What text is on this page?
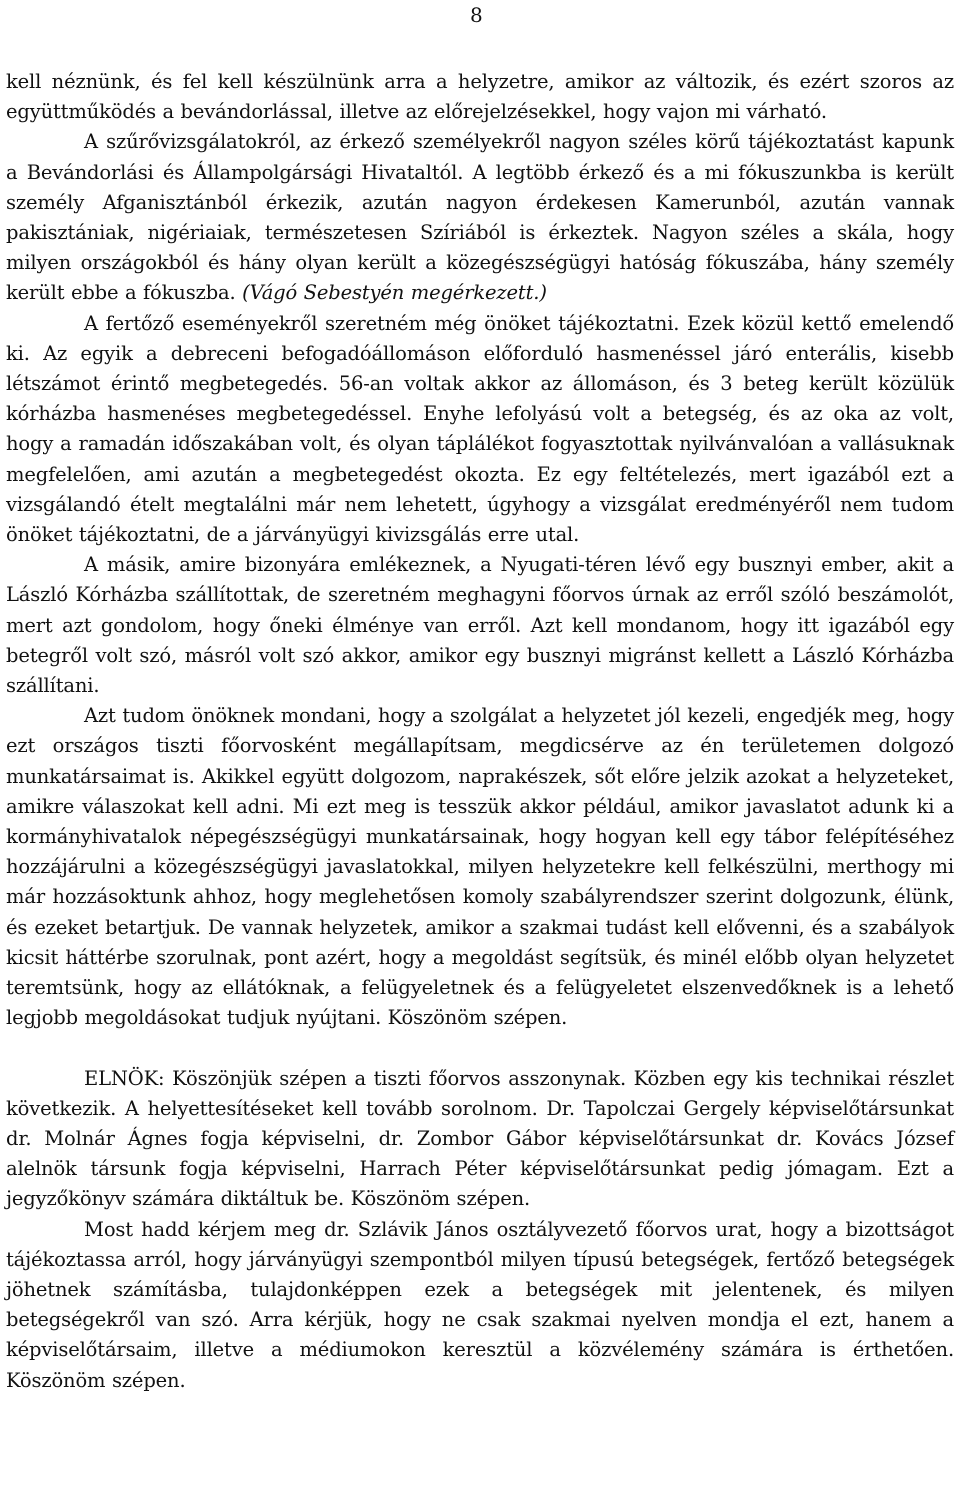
8

kell néznünk, és fel kell készülnünk arra a helyzetre, amikor az változik, és ezért szoros az együttműködés a bevándorlással, illetve az előrejelzésekkel, hogy vajon mi várható.

A szűrővizsgálatokról, az érkező személyekről nagyon széles körű tájékoztatást kapunk a Bevándorlási és Állampolgársági Hivataltól. A legtöbb érkező és a mi fókuszunkba is került személy Afganisztánból érkezik, azután nagyon érdekesen Kamerunból, azután vannak pakisztániak, nigériaiak, természetesen Szíriából is érkeztek. Nagyon széles a skála, hogy milyen országokból és hány olyan került a közegészségügyi hatóság fókuszába, hány személy került ebbe a fókuszba. (Vágó Sebestyén megérkezett.)

A fertőző eseményekről szeretném még önöket tájékoztatni. Ezek közül kettő emelendő ki. Az egyik a debreceni befogadóállomáson előforduló hasmenéssel járó enterális, kisebb létszámot érintő megbetegedés. 56-an voltak akkor az állomáson, és 3 beteg került közülük kórházba hasmenéses megbetegedéssel. Enyhe lefolyású volt a betegség, és az oka az volt, hogy a ramadán időszakában volt, és olyan táplálékot fogyasztottak nyilvánvalóan a vallásuknak megfelelően, ami azután a megbetegedést okozta. Ez egy feltételezés, mert igazából ezt a vizsgálandó ételt megtalálni már nem lehetett, úgyhogy a vizsgálat eredményéről nem tudom önöket tájékoztatni, de a járványügyi kivizsgálás erre utal.

A másik, amire bizonyára emlékeznek, a Nyugati-téren lévő egy busznyi ember, akit a László Kórházba szállítottak, de szeretném meghagyni főorvos úrnak az erről szóló beszámolót, mert azt gondolom, hogy őneki élménye van erről. Azt kell mondanom, hogy itt igazából egy betegről volt szó, másról volt szó akkor, amikor egy busznyi migránst kellett a László Kórházba szállítani.

Azt tudom önöknek mondani, hogy a szolgálat a helyzetet jól kezeli, engedjék meg, hogy ezt országos tiszti főorvosként megállapítsam, megdicsérve az én területemen dolgozó munkatársaimat is. Akikkel együtt dolgozom, naprakészek, sőt előre jelzik azokat a helyzeteket, amikre válaszokat kell adni. Mi ezt meg is tesszük akkor például, amikor javaslatot adunk ki a kormányhivatalok népegészségügyi munkatársainak, hogy hogyan kell egy tábor felépítéséhez hozzájárulni a közegészségügyi javaslatokkal, milyen helyzetekre kell felkészülni, merthogy mi már hozzásoktunk ahhoz, hogy meglehetősen komoly szabályrendszer szerint dolgozunk, élünk, és ezeket betartjuk. De vannak helyzetek, amikor a szakmai tudást kell elővenni, és a szabályok kicsit háttérbe szorulnak, pont azért, hogy a megoldást segítsük, és minél előbb olyan helyzetet teremtsünk, hogy az ellátóknak, a felügyeletnek és a felügyeletet elszenvedőknek is a lehető legjobb megoldásokat tudjuk nyújtani. Köszönöm szépen.

ELNÖK: Köszönjük szépen a tiszti főorvos asszonynak. Közben egy kis technikai részlet következik. A helyettesítéseket kell tovább sorolnom. Dr. Tapolczai Gergely képviselőtársunkat dr. Molnár Ágnes fogja képviselni, dr. Zombor Gábor képviselőtársunkat dr. Kovács József alelnök társunk fogja képviselni, Harrach Péter képviselőtársunkat pedig jómagam. Ezt a jegyzőkönyv számára diktáltuk be. Köszönöm szépen.

Most hadd kérjem meg dr. Szlávik János osztályvezető főorvos urat, hogy a bizottságot tájékoztassa arról, hogy járványügyi szempontból milyen típusú betegségek, fertőző betegségek jöhetnek számításba, tulajdonképpen ezek a betegségek mit jelentenek, és milyen betegségekről van szó. Arra kérjük, hogy ne csak szakmai nyelven mondja el ezt, hanem a képviselőtársaim, illetve a médiumokon keresztül a közvélemény számára is érthetően. Köszönöm szépen.
